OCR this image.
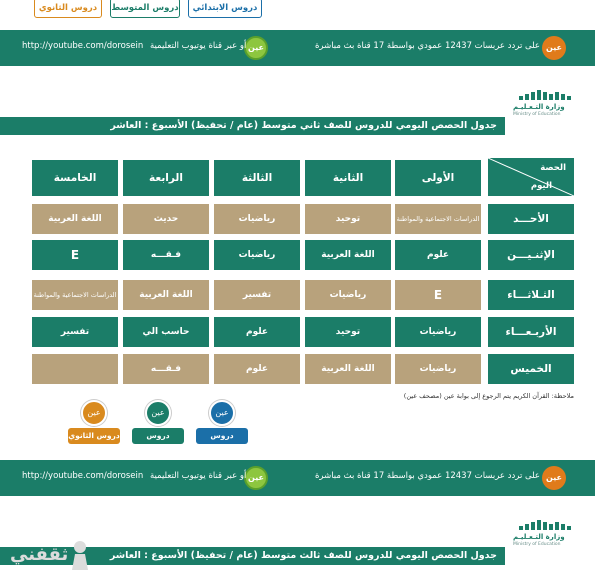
دروس الثانوي	دروس المتوسط	دروس الابتدائي
عين
على تردد عربسات 12437 عمودي بواسطة 17 قناة بث مباشرة
عين
http://youtube.com/dorosein أو عبر قناة يوتيوب التعليمية
وزارة التـعـليـم
Ministry of Education
جدول الحصص اليومي للدروس للصف ثاني متوسط (عام / تحفيظ) الأسبوع : العاشر
الحصة
اليوم
الأولى
الثانية
الثالثة
الرابعة
الخامسة
الأحـــد
الدراسات الاجتماعية والمواطنة
توحيد
رياضيات
حديث
اللغة العربية
الإثنـيـــن
علوم
اللغة العربية
رياضيات
فـقـــه
E
الثـلاثـــاء
E
رياضيات
تفسير
اللغة العربية
الدراسات الاجتماعية والمواطنة
الأربـعـــاء
رياضيات
توحيد
علوم
حاسب الي
تفسير
الخميس
رياضيات
اللغة العربية
علوم
فـقـــه
ملاحظة: القرآن الكريم يتم الرجوع إلى بوابة عين (مصحف عين)
عين
دروس الابتدائي
عين
دروس المتوسط
عين
دروس الثانوي
عين
على تردد عربسات 12437 عمودي بواسطة 17 قناة بث مباشرة
عين
http://youtube.com/dorosein أو عبر قناة يوتيوب التعليمية
وزارة التـعـليـم
Ministry of Education
جدول الحصص اليومي للدروس للصف ثالث متوسط (عام / تحفيظ) الأسبوع : العاشر
ثقفني
